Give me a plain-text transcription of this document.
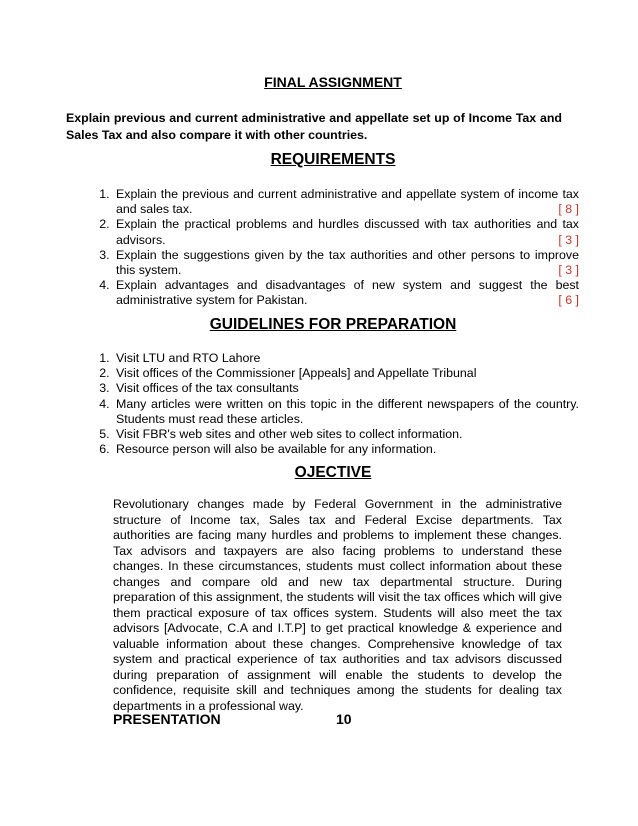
FINAL ASSIGNMENT

Explain previous and current administrative and appellate set up of Income Tax and Sales Tax and also compare it with other countries.

REQUIREMENTS
1. Explain the previous and current administrative and appellate system of income tax and sales tax.	[ 8 ]
2. Explain the practical problems and hurdles discussed with tax authorities and tax advisors.	[ 3 ]
3. Explain the suggestions given by the tax authorities and other persons to improve this system.	[ 3 ]
4. Explain advantages and disadvantages of new system and suggest the best administrative system for Pakistan.	[ 6 ]
GUIDELINES FOR PREPARATION
1. Visit LTU and RTO Lahore
2. Visit offices of the Commissioner [Appeals] and Appellate Tribunal
3. Visit offices of the tax consultants
4. Many articles were written on this topic in the different newspapers of the country. Students must read these articles.
5. Visit FBR's web sites and other web sites to collect information.
6. Resource person will also be available for any information.
OJECTIVE

Revolutionary changes made by Federal Government in the administrative structure of Income tax, Sales tax and Federal Excise departments. Tax authorities are facing many hurdles and problems to implement these changes. Tax advisors and taxpayers are also facing problems to understand these changes. In these circumstances, students must collect information about these changes and compare old and new tax departmental structure. During preparation of this assignment, the students will visit the tax offices which will give them practical exposure of tax offices system. Students will also meet the tax advisors [Advocate, C.A and I.T.P] to get practical knowledge & experience and valuable information about these changes. Comprehensive knowledge of tax system and practical experience of tax authorities and tax advisors discussed during preparation of assignment will enable the students to develop the confidence, requisite skill and techniques among the students for dealing tax departments in a professional way.

PRESENTATION	10
